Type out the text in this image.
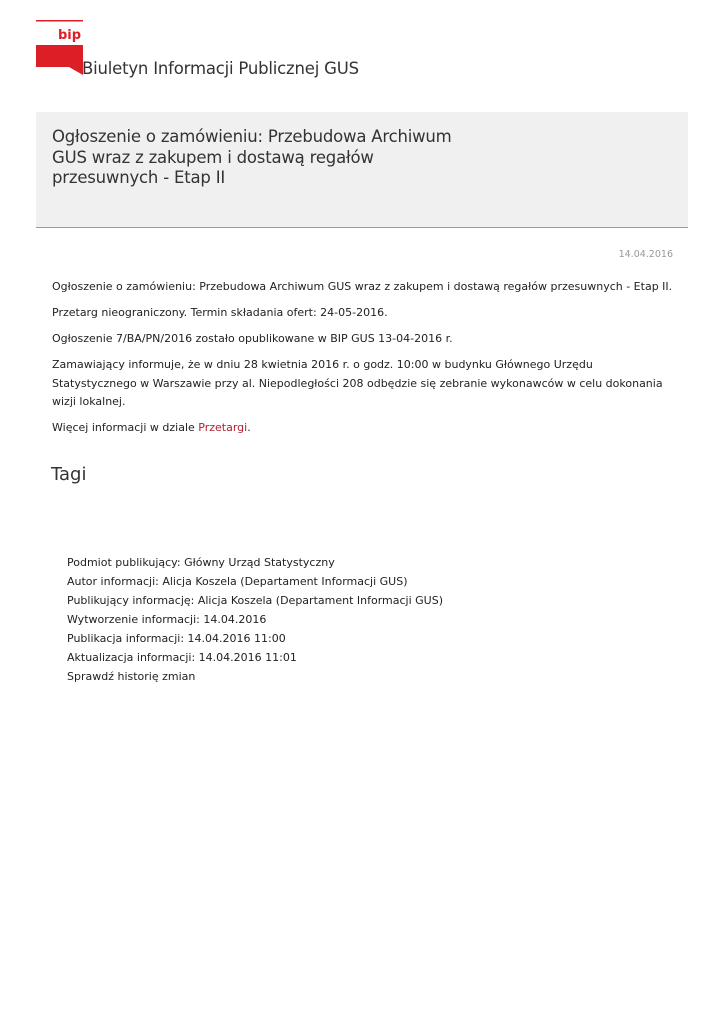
bip
Biuletyn Informacji Publicznej GUS
Ogłoszenie o zamówieniu: Przebudowa Archiwum GUS wraz z zakupem i dostawą regałów przesuwnych - Etap II
14.04.2016

Ogłoszenie o zamówieniu: Przebudowa Archiwum GUS wraz z zakupem i dostawą regałów przesuwnych - Etap II.

Przetarg nieograniczony. Termin składania ofert: 24-05-2016.

Ogłoszenie 7/BA/PN/2016 zostało opublikowane w BIP GUS 13-04-2016 r.

Zamawiający informuje, że w dniu 28 kwietnia 2016 r. o godz. 10:00 w budynku Głównego Urzędu Statystycznego w Warszawie przy al. Niepodległości 208 odbędzie się zebranie wykonawców w celu dokonania wizji lokalnej.

Więcej informacji w dziale Przetargi.

Tagi
Podmiot publikujący: Główny Urząd Statystyczny
Autor informacji: Alicja Koszela (Departament Informacji GUS)
Publikujący informację: Alicja Koszela (Departament Informacji GUS)
Wytworzenie informacji: 14.04.2016
Publikacja informacji: 14.04.2016 11:00
Aktualizacja informacji: 14.04.2016 11:01
Sprawdź historię zmian
